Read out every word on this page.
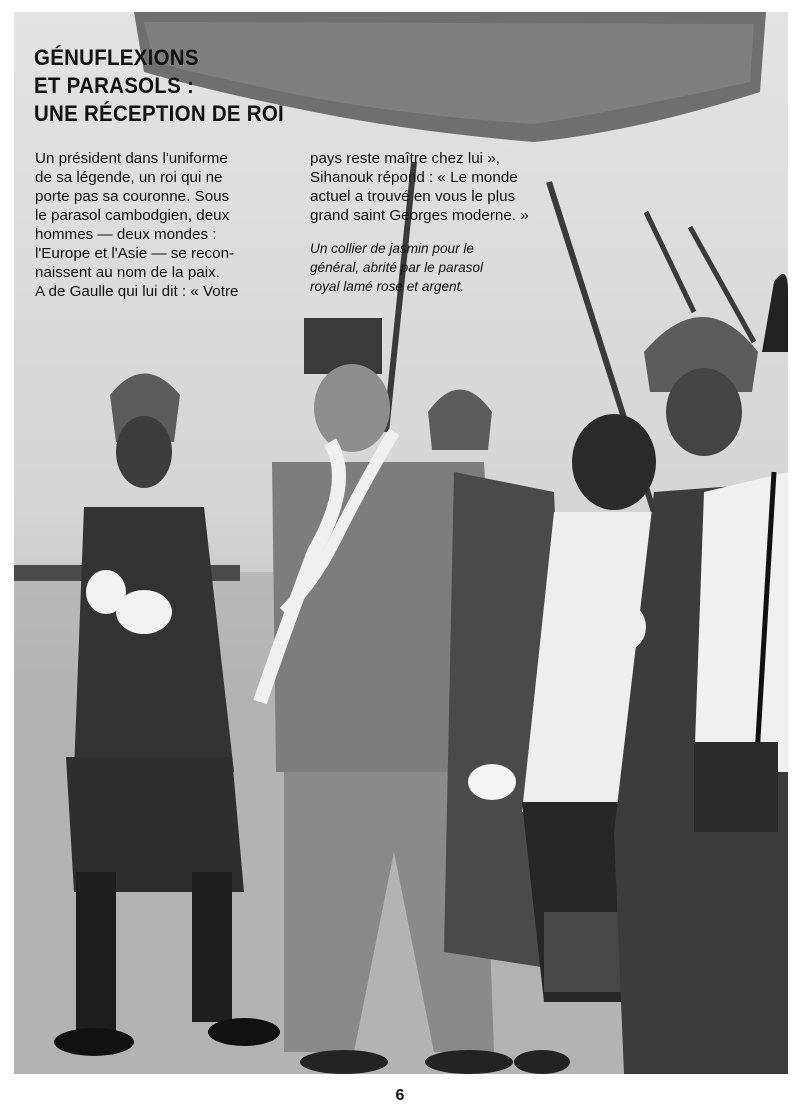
GÉNUFLEXIONS
ET PARASOLS :
UNE RÉCEPTION DE ROI
Un président dans l'uniforme
de sa légende, un roi qui ne
porte pas sa couronne. Sous
le parasol cambodgien, deux
hommes — deux mondes :
l'Europe et l'Asie — se recon-
naissent au nom de la paix.
A de Gaulle qui lui dit : « Votre
pays reste maître chez lui »,
Sihanouk répond : « Le monde
actuel a trouvé en vous le plus
grand saint Georges moderne. »
Un collier de jasmin pour le
général, abrité par le parasol
royal lamé rose et argent.
6
